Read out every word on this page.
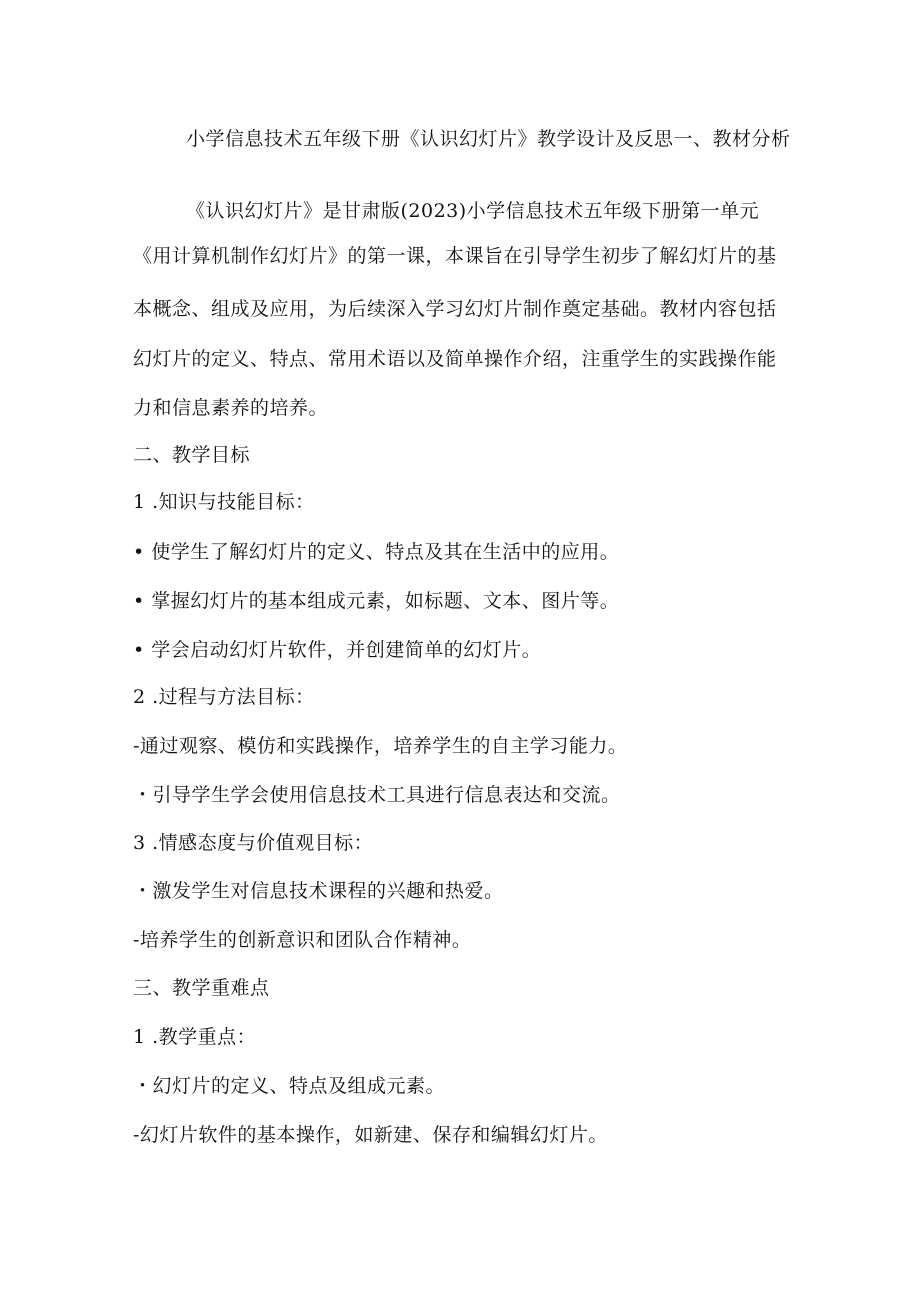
小学信息技术五年级下册《认识幻灯片》教学设计及反思一、教材分析
《认识幻灯片》是甘肃版(2023)小学信息技术五年级下册第一单元
《用计算机制作幻灯片》的第一课，本课旨在引导学生初步了解幻灯片的基
本概念、组成及应用，为后续深入学习幻灯片制作奠定基础。教材内容包括
幻灯片的定义、特点、常用术语以及简单操作介绍，注重学生的实践操作能
力和信息素养的培养。
二、教学目标
1 .知识与技能目标：
• 使学生了解幻灯片的定义、特点及其在生活中的应用。
• 掌握幻灯片的基本组成元素，如标题、文本、图片等。
• 学会启动幻灯片软件，并创建简单的幻灯片。
2 .过程与方法目标：
-通过观察、模仿和实践操作，培养学生的自主学习能力。
・引导学生学会使用信息技术工具进行信息表达和交流。
3 .情感态度与价值观目标：
・激发学生对信息技术课程的兴趣和热爱。
-培养学生的创新意识和团队合作精神。
三、教学重难点
1 .教学重点：
・幻灯片的定义、特点及组成元素。
-幻灯片软件的基本操作，如新建、保存和编辑幻灯片。
